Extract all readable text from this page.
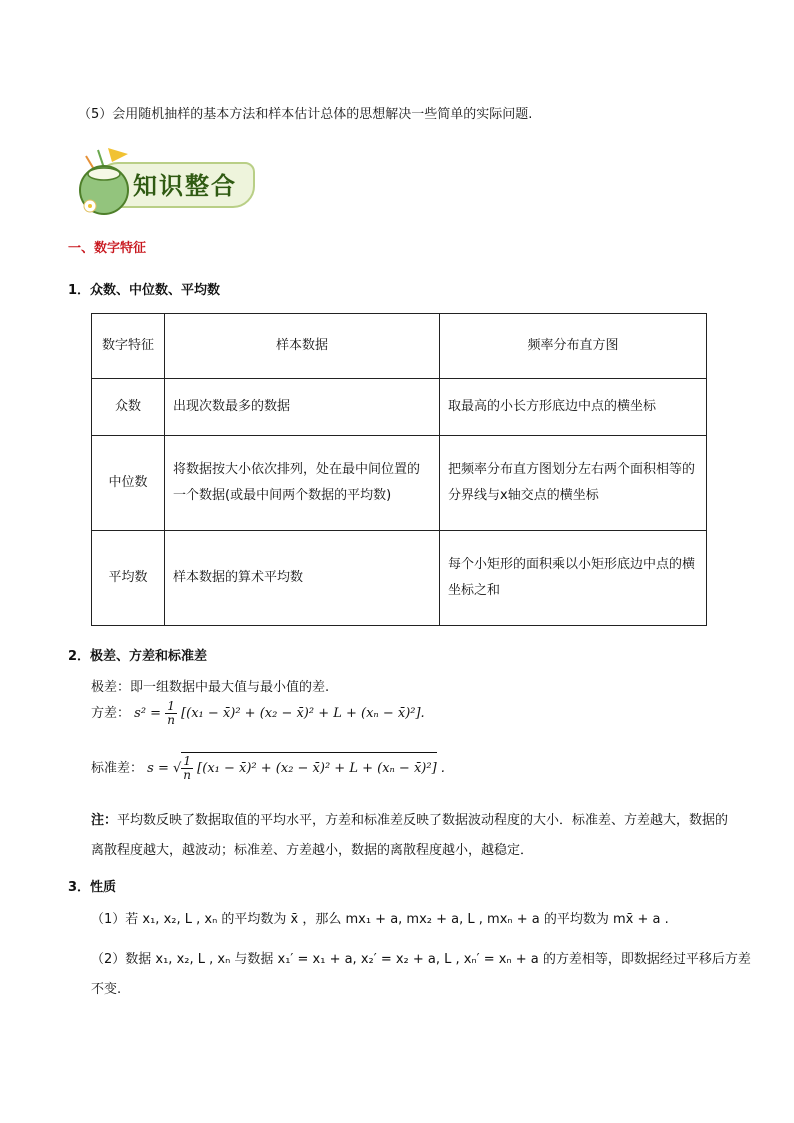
（5）会用随机抽样的基本方法和样本估计总体的思想解决一些简单的实际问题.
知识整合
一、数字特征
1．众数、中位数、平均数
数字特征	样本数据	频率分布直方图
众数	出现次数最多的数据	取最高的小长方形底边中点的横坐标
中位数	将数据按大小依次排列，处在最中间位置的一个数据(或最中间两个数据的平均数)	把频率分布直方图划分左右两个面积相等的分界线与x轴交点的横坐标
平均数	样本数据的算术平均数	每个小矩形的面积乘以小矩形底边中点的横坐标之和
2．极差、方差和标准差
极差：即一组数据中最大值与最小值的差.
方差： $s^2 = \frac{1}{n} [(x_1$ − x̄)² + (x₂ − x̄)² + L + (xₙ − x̄)²].
标准差： s = √ $\frac{1}{n} [(x_1$ − x̄)² + (x₂ − x̄)² + L + (xₙ − x̄)²] .
注：平均数反映了数据取值的平均水平，方差和标准差反映了数据波动程度的大小．标准差、方差越大，数据的离散程度越大，越波动；标准差、方差越小，数据的离散程度越小，越稳定．
3．性质
（1）若 x₁, x₂, L , xₙ 的平均数为 x̄ ，那么 mx₁ + a, mx₂ + a, L , mxₙ + a 的平均数为 mx̄ + a .
（2）数据 x₁, x₂, L , xₙ 与数据 x₁′ = x₁ + a, x₂′ = x₂ + a, L , xₙ′ = xₙ + a 的方差相等，即数据经过平移后方差不变.
